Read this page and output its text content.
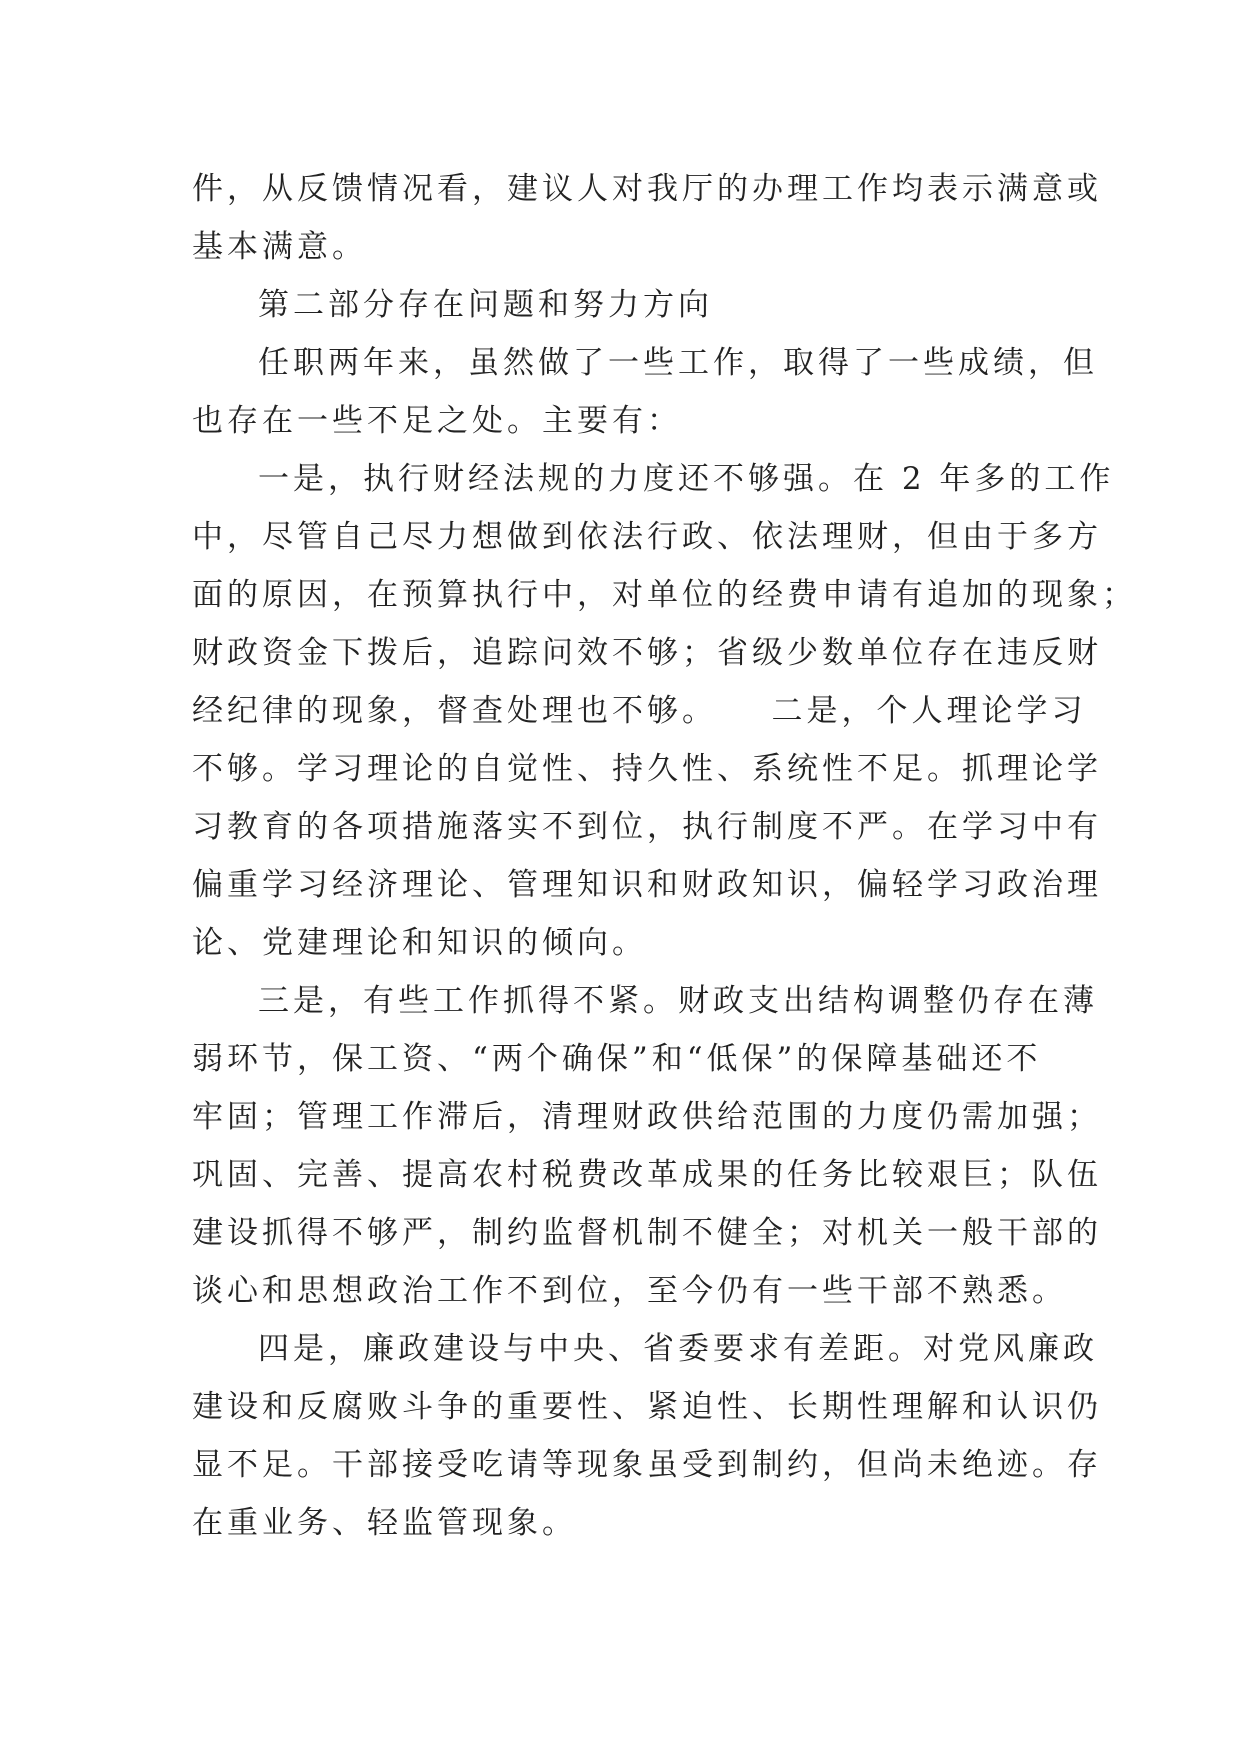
件，从反馈情况看，建议人对我厅的办理工作均表示满意或
基本满意。
第二部分存在问题和努力方向
任职两年来，虽然做了一些工作，取得了一些成绩，但
也存在一些不足之处。主要有：
一是，执行财经法规的力度还不够强。在 2 年多的工作
中，尽管自己尽力想做到依法行政、依法理财，但由于多方
面的原因，在预算执行中，对单位的经费申请有追加的现象；
财政资金下拨后，追踪问效不够；省级少数单位存在违反财
经纪律的现象，督查处理也不够。　　二是，个人理论学习
不够。学习理论的自觉性、持久性、系统性不足。抓理论学
习教育的各项措施落实不到位，执行制度不严。在学习中有
偏重学习经济理论、管理知识和财政知识，偏轻学习政治理
论、党建理论和知识的倾向。
三是，有些工作抓得不紧。财政支出结构调整仍存在薄
弱环节，保工资、“两个确保”和“低保”的保障基础还不
牢固；管理工作滞后，清理财政供给范围的力度仍需加强；
巩固、完善、提高农村税费改革成果的任务比较艰巨；队伍
建设抓得不够严，制约监督机制不健全；对机关一般干部的
谈心和思想政治工作不到位，至今仍有一些干部不熟悉。
四是，廉政建设与中央、省委要求有差距。对党风廉政
建设和反腐败斗争的重要性、紧迫性、长期性理解和认识仍
显不足。干部接受吃请等现象虽受到制约，但尚未绝迹。存
在重业务、轻监管现象。
